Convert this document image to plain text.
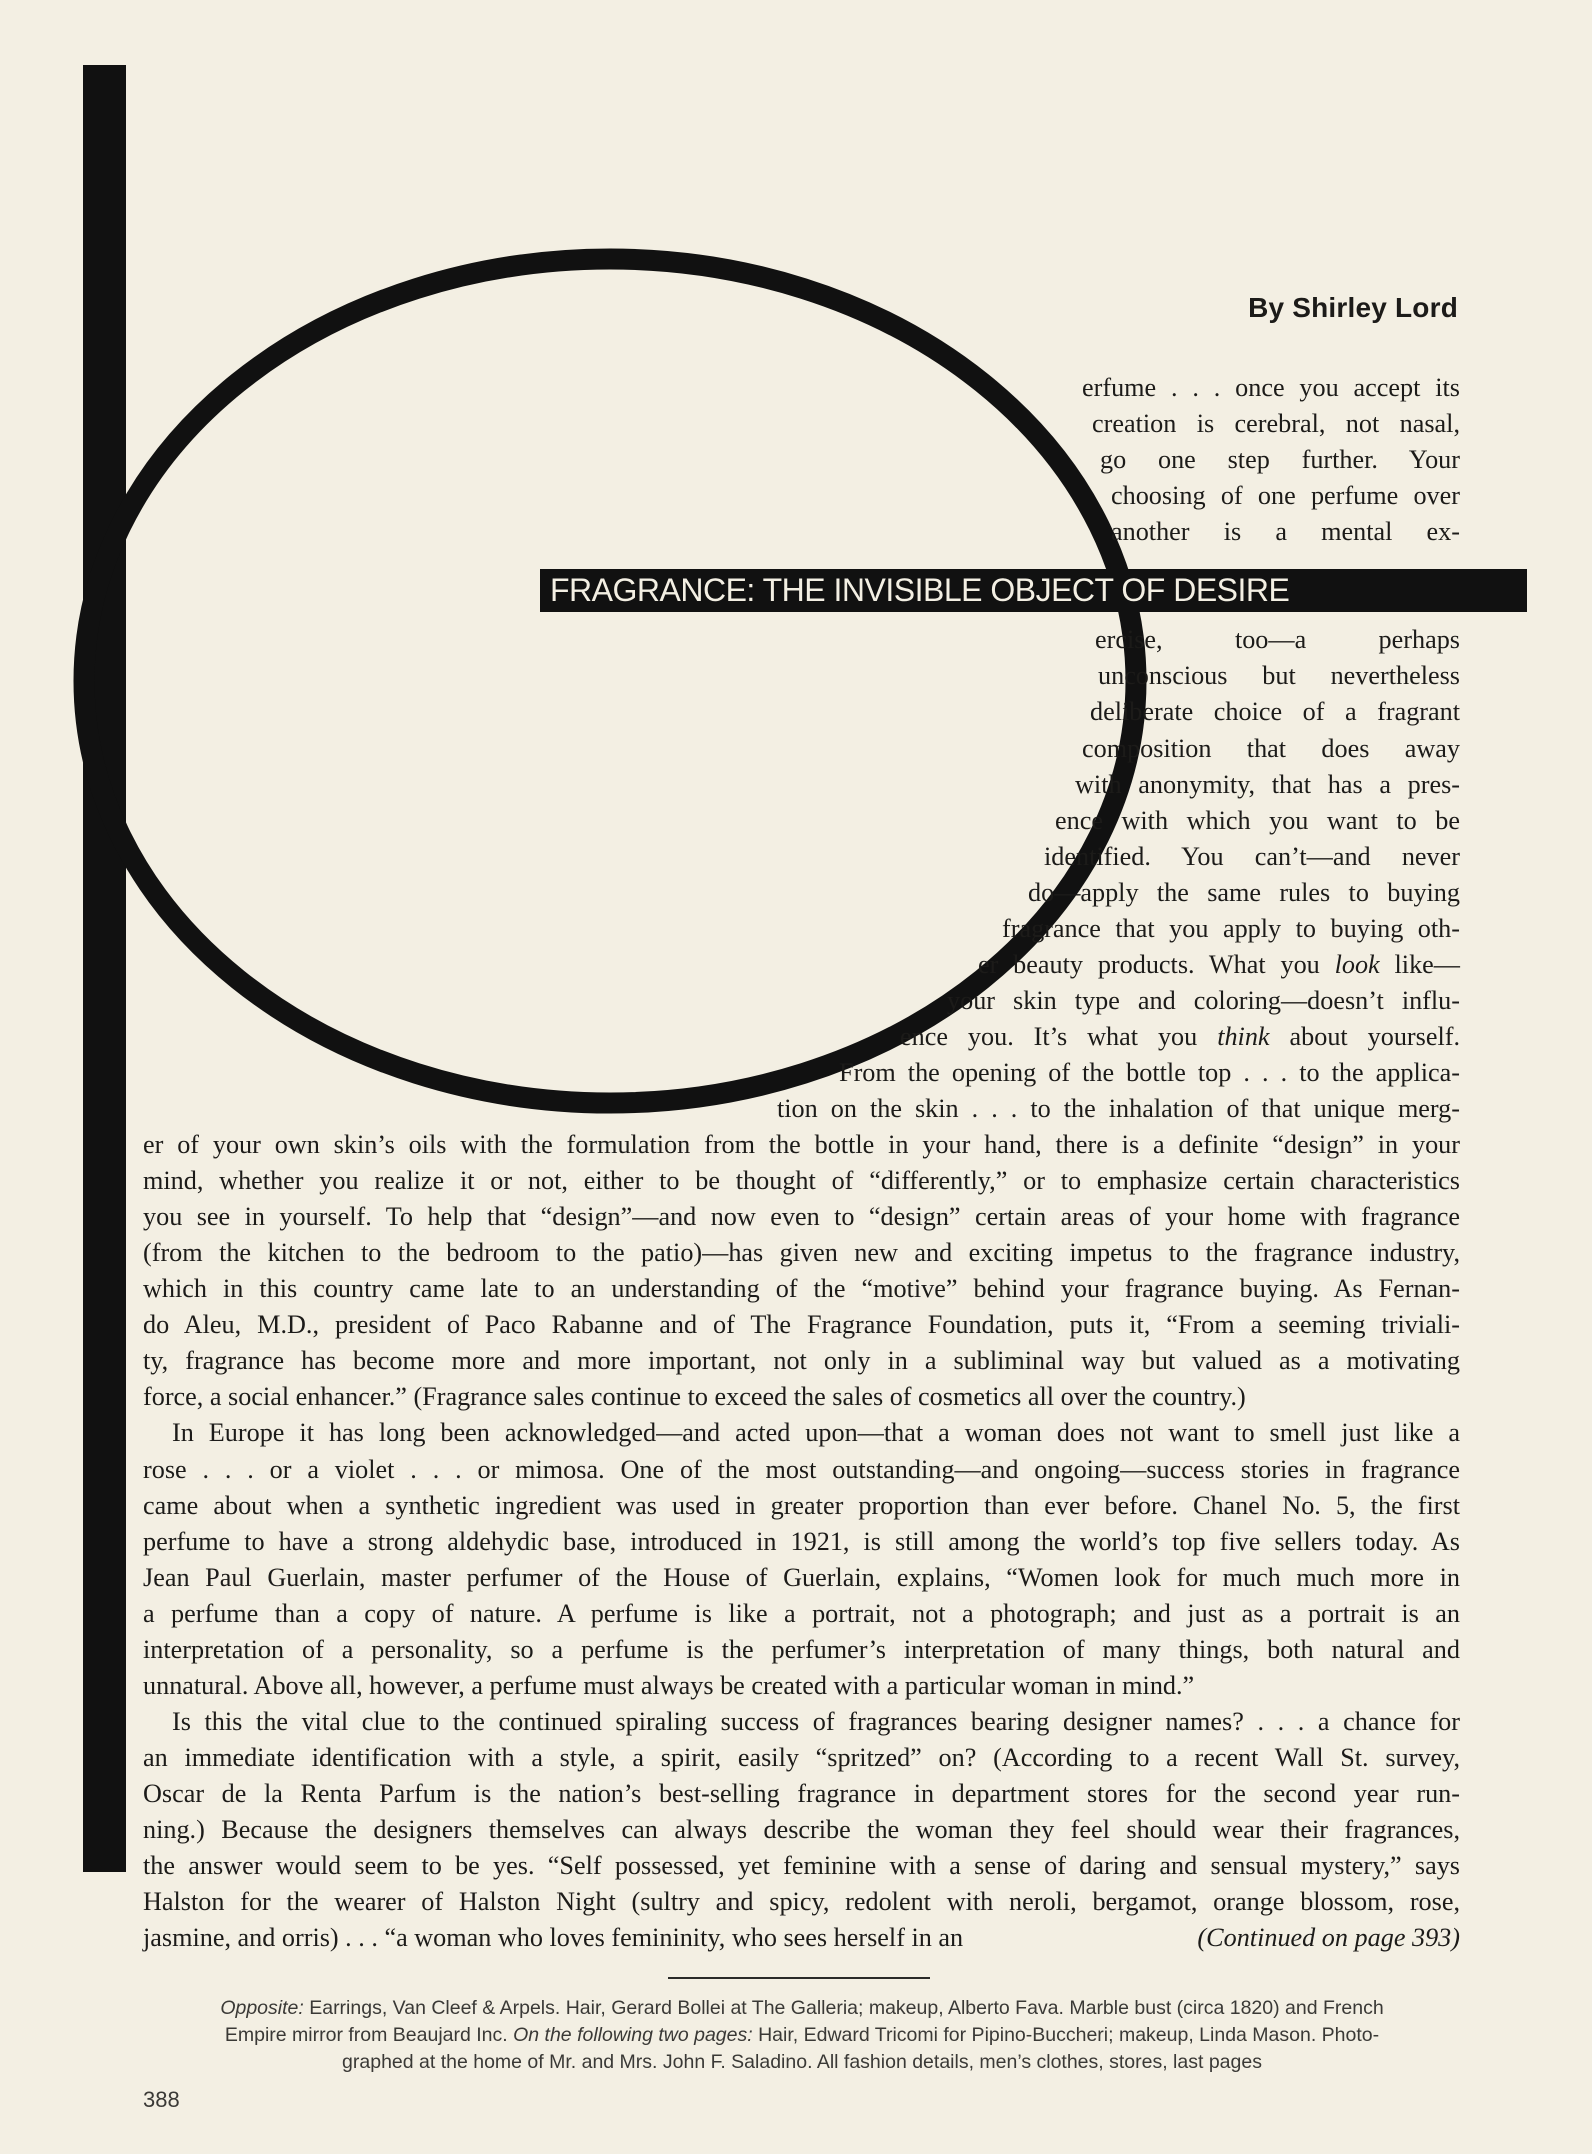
By Shirley Lord
FRAGRANCE: THE INVISIBLE OBJECT OF DESIRE
erfume . . . once you accept its
creation is cerebral, not nasal,
go one step further. Your
choosing of one perfume over
another is a mental ex-
ercise, too—a perhaps
unconscious but nevertheless
deliberate choice of a fragrant
composition that does away
with anonymity, that has a pres-
ence with which you want to be
identified. You can’t—and never
do—apply the same rules to buying
fragrance that you apply to buying oth-
er beauty products. What you look like—
your skin type and coloring—doesn’t influ-
ence you. It’s what you think about yourself.
From the opening of the bottle top . . . to the applica-
tion on the skin . . . to the inhalation of that unique merg-
er of your own skin’s oils with the formulation from the bottle in your hand, there is a definite “design” in your
mind, whether you realize it or not, either to be thought of “differently,” or to emphasize certain characteristics
you see in yourself. To help that “design”—and now even to “design” certain areas of your home with fragrance
(from the kitchen to the bedroom to the patio)—has given new and exciting impetus to the fragrance industry,
which in this country came late to an understanding of the “motive” behind your fragrance buying. As Fernan-
do Aleu, M.D., president of Paco Rabanne and of The Fragrance Foundation, puts it, “From a seeming triviali-
ty, fragrance has become more and more important, not only in a subliminal way but valued as a motivating
force, a social enhancer.” (Fragrance sales continue to exceed the sales of cosmetics all over the country.)
In Europe it has long been acknowledged—and acted upon—that a woman does not want to smell just like a
rose . . . or a violet . . . or mimosa. One of the most outstanding—and ongoing—success stories in fragrance
came about when a synthetic ingredient was used in greater proportion than ever before. Chanel No. 5, the first
perfume to have a strong aldehydic base, introduced in 1921, is still among the world’s top five sellers today. As
Jean Paul Guerlain, master perfumer of the House of Guerlain, explains, “Women look for much much more in
a perfume than a copy of nature. A perfume is like a portrait, not a photograph; and just as a portrait is an
interpretation of a personality, so a perfume is the perfumer’s interpretation of many things, both natural and
unnatural. Above all, however, a perfume must always be created with a particular woman in mind.”
Is this the vital clue to the continued spiraling success of fragrances bearing designer names? . . . a chance for
an immediate identification with a style, a spirit, easily “spritzed” on? (According to a recent Wall St. survey,
Oscar de la Renta Parfum is the nation’s best-selling fragrance in department stores for the second year run-
ning.) Because the designers themselves can always describe the woman they feel should wear their fragrances,
the answer would seem to be yes. “Self possessed, yet feminine with a sense of daring and sensual mystery,” says
Halston for the wearer of Halston Night (sultry and spicy, redolent with neroli, bergamot, orange blossom, rose,
jasmine, and orris) . . . “a woman who loves femininity, who sees herself in an	(Continued on page 393)
Opposite: Earrings, Van Cleef & Arpels. Hair, Gerard Bollei at The Galleria; makeup, Alberto Fava. Marble bust (circa 1820) and French
Empire mirror from Beaujard Inc. On the following two pages: Hair, Edward Tricomi for Pipino-Buccheri; makeup, Linda Mason. Photo-
graphed at the home of Mr. and Mrs. John F. Saladino. All fashion details, men’s clothes, stores, last pages
388
